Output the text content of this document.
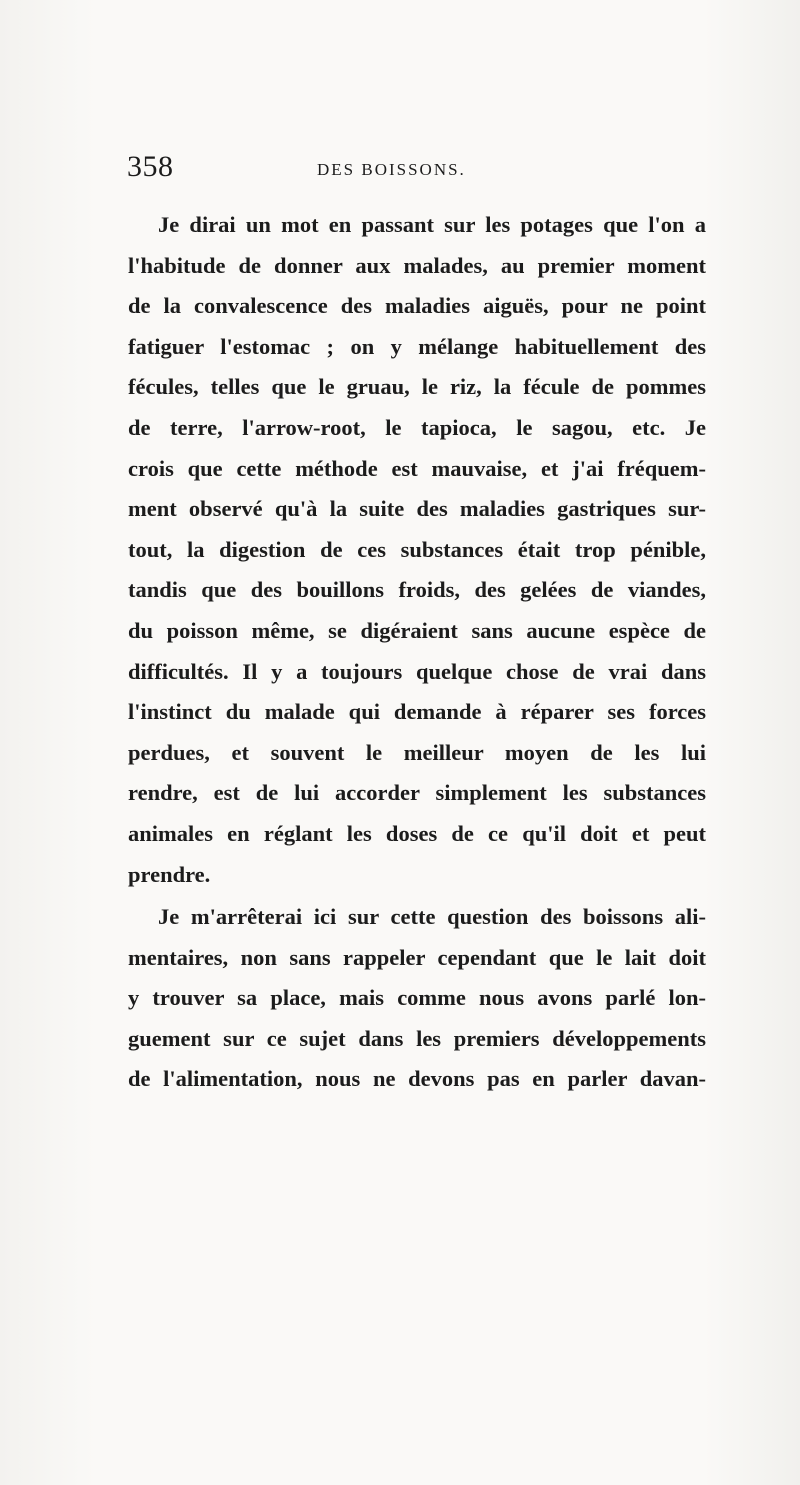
358	DES BOISSONS.
Je dirai un mot en passant sur les potages que l'on a
l'habitude de donner aux malades, au premier moment
de la convalescence des maladies aiguës, pour ne point
fatiguer l'estomac ; on y mélange habituellement des
fécules, telles que le gruau, le riz, la fécule de pommes
de terre, l'arrow-root, le tapioca, le sagou, etc. Je
crois que cette méthode est mauvaise, et j'ai fréquem-
ment observé qu'à la suite des maladies gastriques sur-
tout, la digestion de ces substances était trop pénible,
tandis que des bouillons froids, des gelées de viandes,
du poisson même, se digéraient sans aucune espèce de
difficultés. Il y a toujours quelque chose de vrai dans
l'instinct du malade qui demande à réparer ses forces
perdues, et souvent le meilleur moyen de les lui
rendre, est de lui accorder simplement les substances
animales en réglant les doses de ce qu'il doit et peut
prendre.
Je m'arrêterai ici sur cette question des boissons ali-
mentaires, non sans rappeler cependant que le lait doit
y trouver sa place, mais comme nous avons parlé lon-
guement sur ce sujet dans les premiers développements
de l'alimentation, nous ne devons pas en parler davan-
